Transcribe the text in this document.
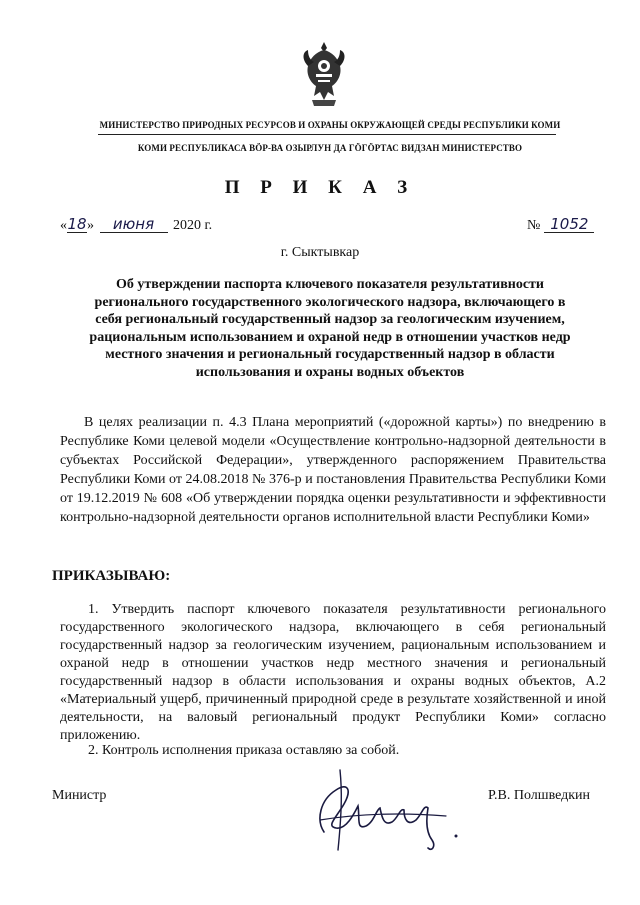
МИНИСТЕРСТВО ПРИРОДНЫХ РЕСУРСОВ И ОХРАНЫ ОКРУЖАЮЩЕЙ СРЕДЫ РЕСПУБЛИКИ КОМИ
КОМИ РЕСПУБЛИКАСА ВӦР-ВА ОЗЫРЛУН ДА ГӦГӦРТАС ВИДЗАН МИНИСТЕРСТВО
П Р И К А З
«18» июня 2020 г.	№ 1052
г. Сыктывкар
Об утверждении паспорта ключевого показателя результативности регионального государственного экологического надзора, включающего в себя региональный государственный надзор за геологическим изучением, рациональным использованием и охраной недр в отношении участков недр местного значения и региональный государственный надзор в области использования и охраны водных объектов
В целях реализации п. 4.3 Плана мероприятий («дорожной карты») по внедрению в Республике Коми целевой модели «Осуществление контрольно-надзорной деятельности в субъектах Российской Федерации», утвержденного распоряжением Правительства Республики Коми от 24.08.2018 № 376-р и постановления Правительства Республики Коми от 19.12.2019 № 608 «Об утверждении порядка оценки результативности и эффективности контрольно-надзорной деятельности органов исполнительной власти Республики Коми»
ПРИКАЗЫВАЮ:
1. Утвердить паспорт ключевого показателя результативности регионального государственного экологического надзора, включающего в себя региональный государственный надзор за геологическим изучением, рациональным использованием и охраной недр в отношении участков недр местного значения и региональный государственный надзор в области использования и охраны водных объектов, А.2 «Материальный ущерб, причиненный природной среде в результате хозяйственной и иной деятельности, на валовый региональный продукт Республики Коми» согласно приложению.
2. Контроль исполнения приказа оставляю за собой.
Министр	Р.В. Полшведкин
